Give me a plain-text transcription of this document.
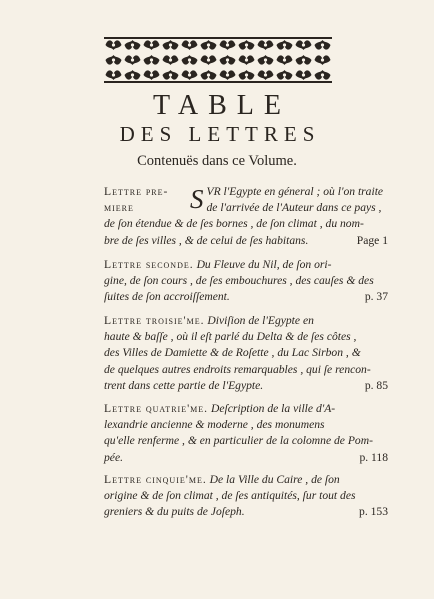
TABLE
DES LETTRES
Contenuës dans ce Volume.
Lettre pre-
miere	S VR l'Egypte en géneral ; où l'on traite
de l'arrivée de l'Auteur dans ce pays ,
de ſon étendue & de ſes bornes , de ſon climat , du nom-
bre de ſes villes , & de celui de ſes habitans.	Page 1
Lettre seconde. Du Fleuve du Nil, de ſon ori-
gine, de ſon cours , de ſes embouchures , des cauſes & des
ſuites de ſon accroiſſement.	p. 37
Lettre troisie'me. Diviſion de l'Egypte en
haute & baſſe , où il eſt parlé du Delta & de ſes côtes ,
des Villes de Damiette & de Roſette , du Lac Sirbon , &
de quelques autres endroits remarquables , qui ſe rencon-
trent dans cette partie de l'Egypte.	p. 85
Lettre quatrie'me. Deſcription de la ville d'A-
lexandrie ancienne & moderne , des monumens
qu'elle renferme , & en particulier de la colomne de Pom-
pée.	p. 118
Lettre cinquie'me. De la Ville du Caire , de ſon
origine & de ſon climat , de ſes antiquités, ſur tout des
greniers & du puits de Joſeph.	p. 153
